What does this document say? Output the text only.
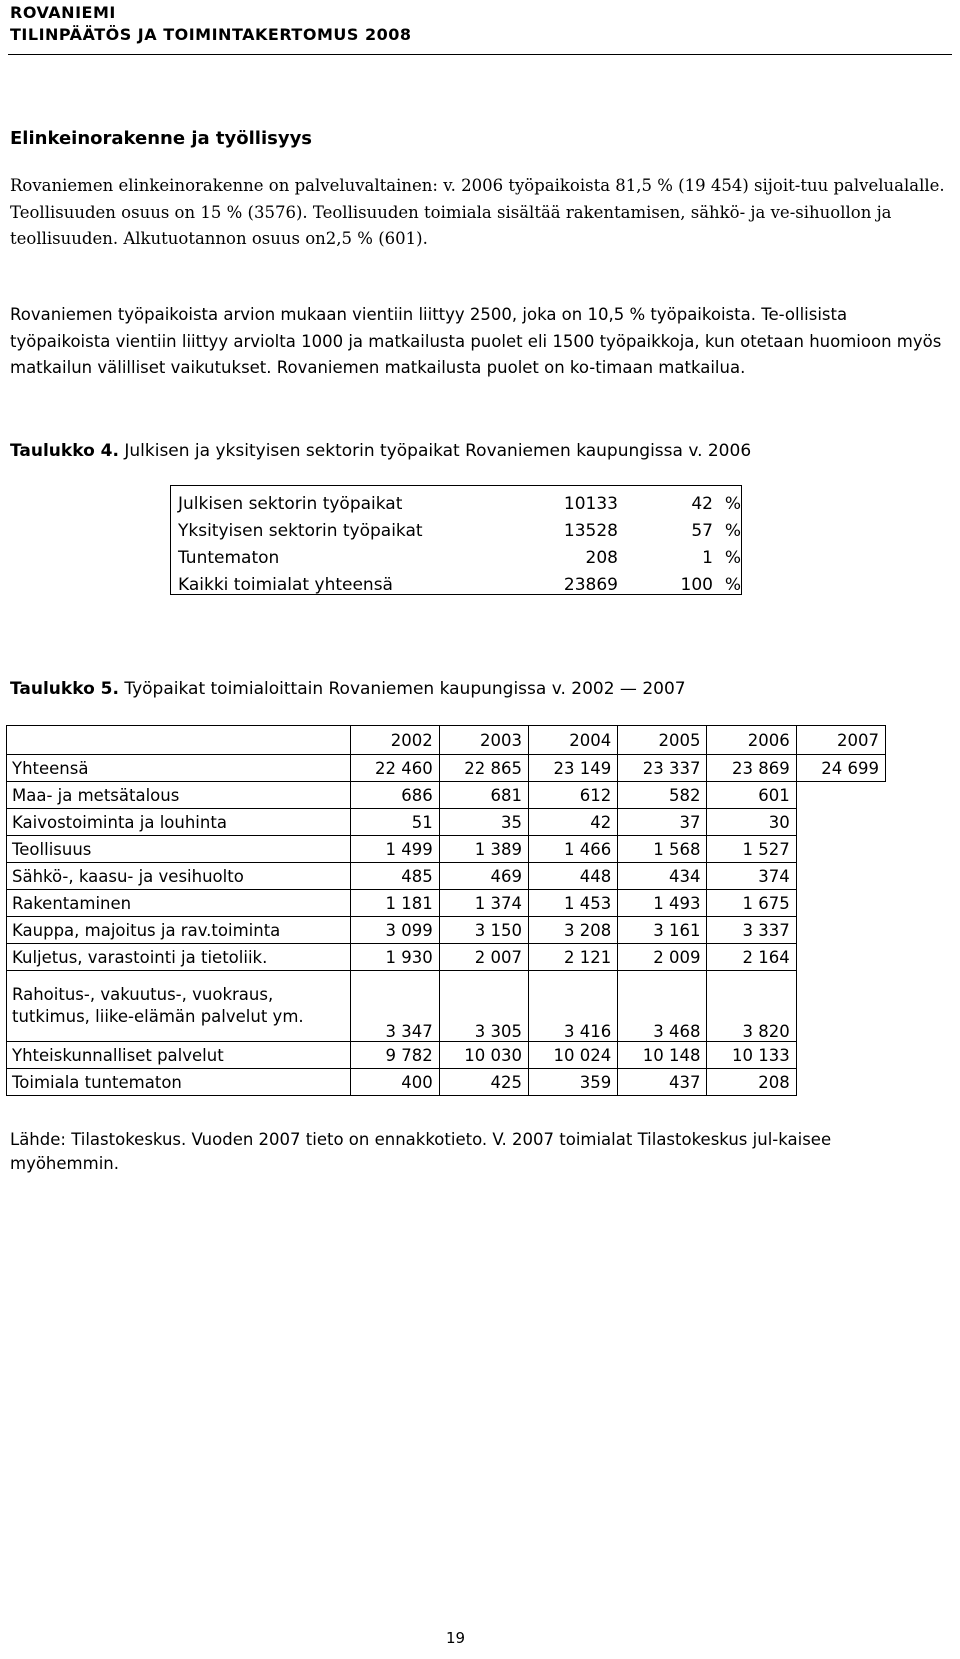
ROVANIEMI
TILINPÄÄTÖS JA TOIMINTAKERTOMUS 2008
Elinkeinorakenne ja työllisyys

Rovaniemen elinkeinorakenne on palveluvaltainen: v. 2006 työpaikoista 81,5 % (19 454) sijoit-tuu palvelualalle. Teollisuuden osuus on 15 % (3576). Teollisuuden toimiala sisältää rakentamisen, sähkö- ja ve-sihuollon ja teollisuuden. Alkutuotannon osuus on2,5 % (601).

Rovaniemen työpaikoista arvion mukaan vientiin liittyy 2500, joka on 10,5 % työpaikoista. Te-ollisista työpaikoista vientiin liittyy arviolta 1000 ja matkailusta puolet eli 1500 työpaikkoja, kun otetaan huomioon myös matkailun välilliset vaikutukset. Rovaniemen matkailusta puolet on ko-timaan matkailua.

Taulukko 4. Julkisen ja yksityisen sektorin työpaikat Rovaniemen kaupungissa v. 2006
Julkisen sektorin työpaikat	10133	42 %
Yksityisen sektorin työpaikat	13528	57 %
Tuntematon	208	1 %
Kaikki toimialat yhteensä	23869	100 %
Taulukko 5. Työpaikat toimialoittain Rovaniemen kaupungissa v. 2002 — 2007
	2002	2003	2004	2005	2006	2007
Yhteensä	22 460	22 865	23 149	23 337	23 869	24 699
Maa- ja metsätalous	686	681	612	582	601	
Kaivostoiminta ja louhinta	51	35	42	37	30	
Teollisuus	1 499	1 389	1 466	1 568	1 527	
Sähkö-, kaasu- ja vesihuolto	485	469	448	434	374	
Rakentaminen	1 181	1 374	1 453	1 493	1 675	
Kauppa, majoitus ja rav.toiminta	3 099	3 150	3 208	3 161	3 337	
Kuljetus, varastointi ja tietoliik.	1 930	2 007	2 121	2 009	2 164	
Rahoitus-, vakuutus-, vuokraus, tutkimus, liike-elämän palvelut ym.	3 347	3 305	3 416	3 468	3 820	
Yhteiskunnalliset palvelut	9 782	10 030	10 024	10 148	10 133	
Toimiala tuntematon	400	425	359	437	208	

Lähde: Tilastokeskus. Vuoden 2007 tieto on ennakkotieto. V. 2007 toimialat Tilastokeskus jul-kaisee myöhemmin.

19
